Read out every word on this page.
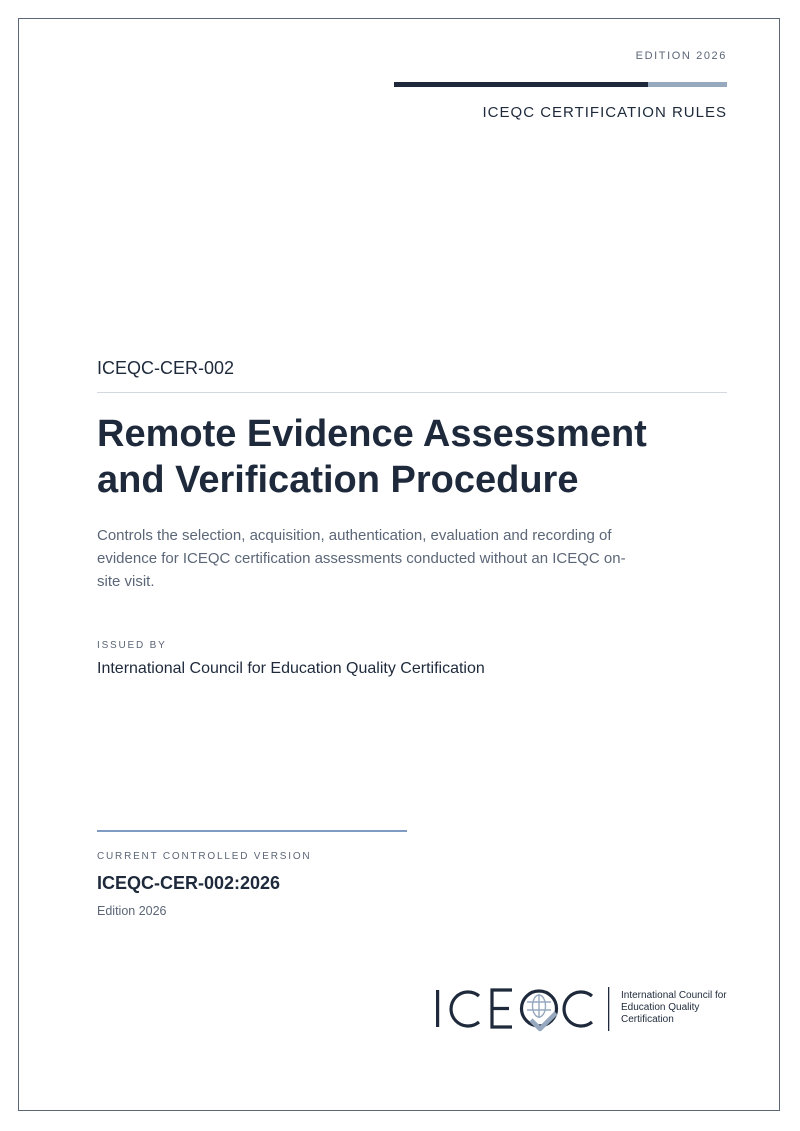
EDITION 2026
ICEQC CERTIFICATION RULES
ICEQC-CER-002
Remote Evidence Assessment and Verification Procedure

Controls the selection, acquisition, authentication, evaluation and recording of evidence for ICEQC certification assessments conducted without an ICEQC on-site visit.

ISSUED BY
International Council for Education Quality Certification
CURRENT CONTROLLED VERSION
ICEQC-CER-002:2026
Edition 2026
International Council for Education Quality Certification
